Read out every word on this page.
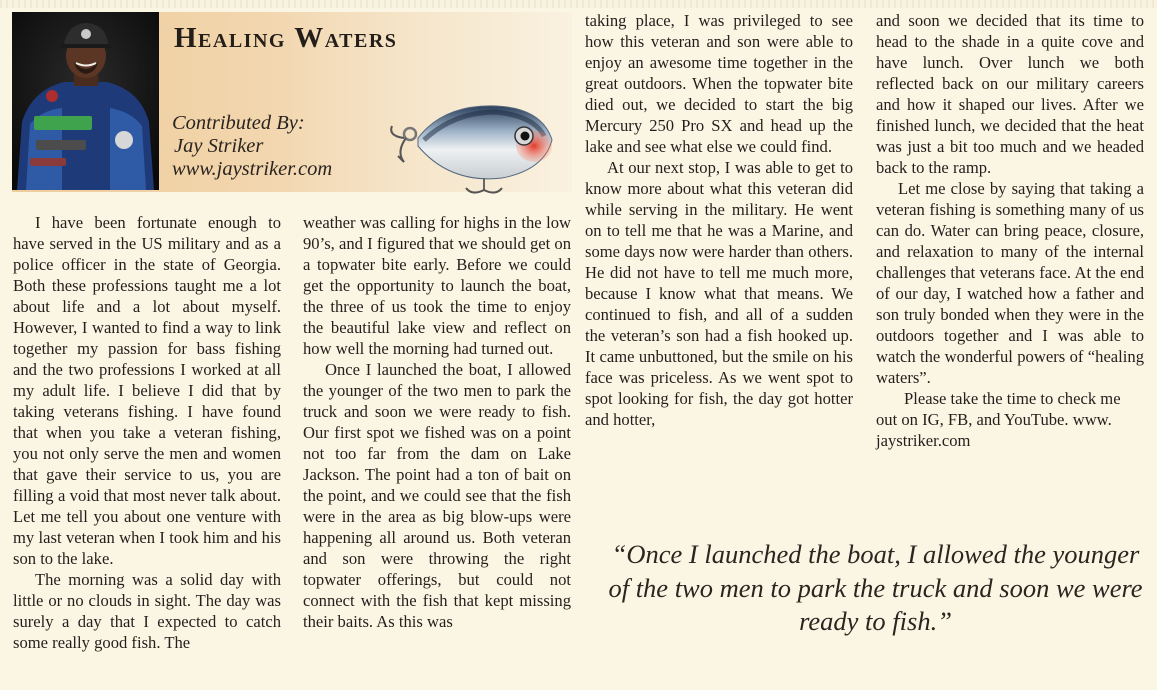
Healing Waters
Contributed By:
Jay Striker
www.jaystriker.com

I have been fortunate enough to have served in the US military and as a police officer in the state of Georgia. Both these professions taught me a lot about life and a lot about myself. However, I wanted to find a way to link together my passion for bass fishing and the two professions I worked at all my adult life. I believe I did that by taking veterans fishing. I have found that when you take a veteran fishing, you not only serve the men and women that gave their service to us, you are filling a void that most never talk about. Let me tell you about one venture with my last veteran when I took him and his son to the lake.

The morning was a solid day with little or no clouds in sight. The day was surely a day that I expected to catch some really good fish. The

weather was calling for highs in the low 90’s, and I figured that we should get on a topwater bite early. Before we could get the opportunity to launch the boat, the three of us took the time to enjoy the beautiful lake view and reflect on how well the morning had turned out.

Once I launched the boat, I allowed the younger of the two men to park the truck and soon we were ready to fish. Our first spot we fished was on a point not too far from the dam on Lake Jackson. The point had a ton of bait on the point, and we could see that the fish were in the area as big blow-ups were happening all around us. Both veteran and son were throwing the right topwater offerings, but could not connect with the fish that kept missing their baits. As this was

taking place, I was privileged to see how this veteran and son were able to enjoy an awesome time together in the great outdoors. When the topwater bite died out, we decided to start the big Mercury 250 Pro SX and head up the lake and see what else we could find.

At our next stop, I was able to get to know more about what this veteran did while serving in the military. He went on to tell me that he was a Marine, and some days now were harder than others. He did not have to tell me much more, because I know what that means. We continued to fish, and all of a sudden the veteran’s son had a fish hooked up. It came unbuttoned, but the smile on his face was priceless. As we went spot to spot looking for fish, the day got hotter and hotter,

and soon we decided that its time to head to the shade in a quite cove and have lunch. Over lunch we both reflected back on our military careers and how it shaped our lives. After we finished lunch, we decided that the heat was just a bit too much and we headed back to the ramp.

Let me close by saying that taking a veteran fishing is something many of us can do. Water can bring peace, closure, and relaxation to many of the internal challenges that veterans face. At the end of our day, I watched how a father and son truly bonded when they were in the outdoors together and I was able to watch the wonderful powers of “healing waters”.

Please take the time to check me out on IG, FB, and YouTube. www. jaystriker.com

“Once I launched the boat, I allowed the younger of the two men to park the truck and soon we were ready to fish.”
